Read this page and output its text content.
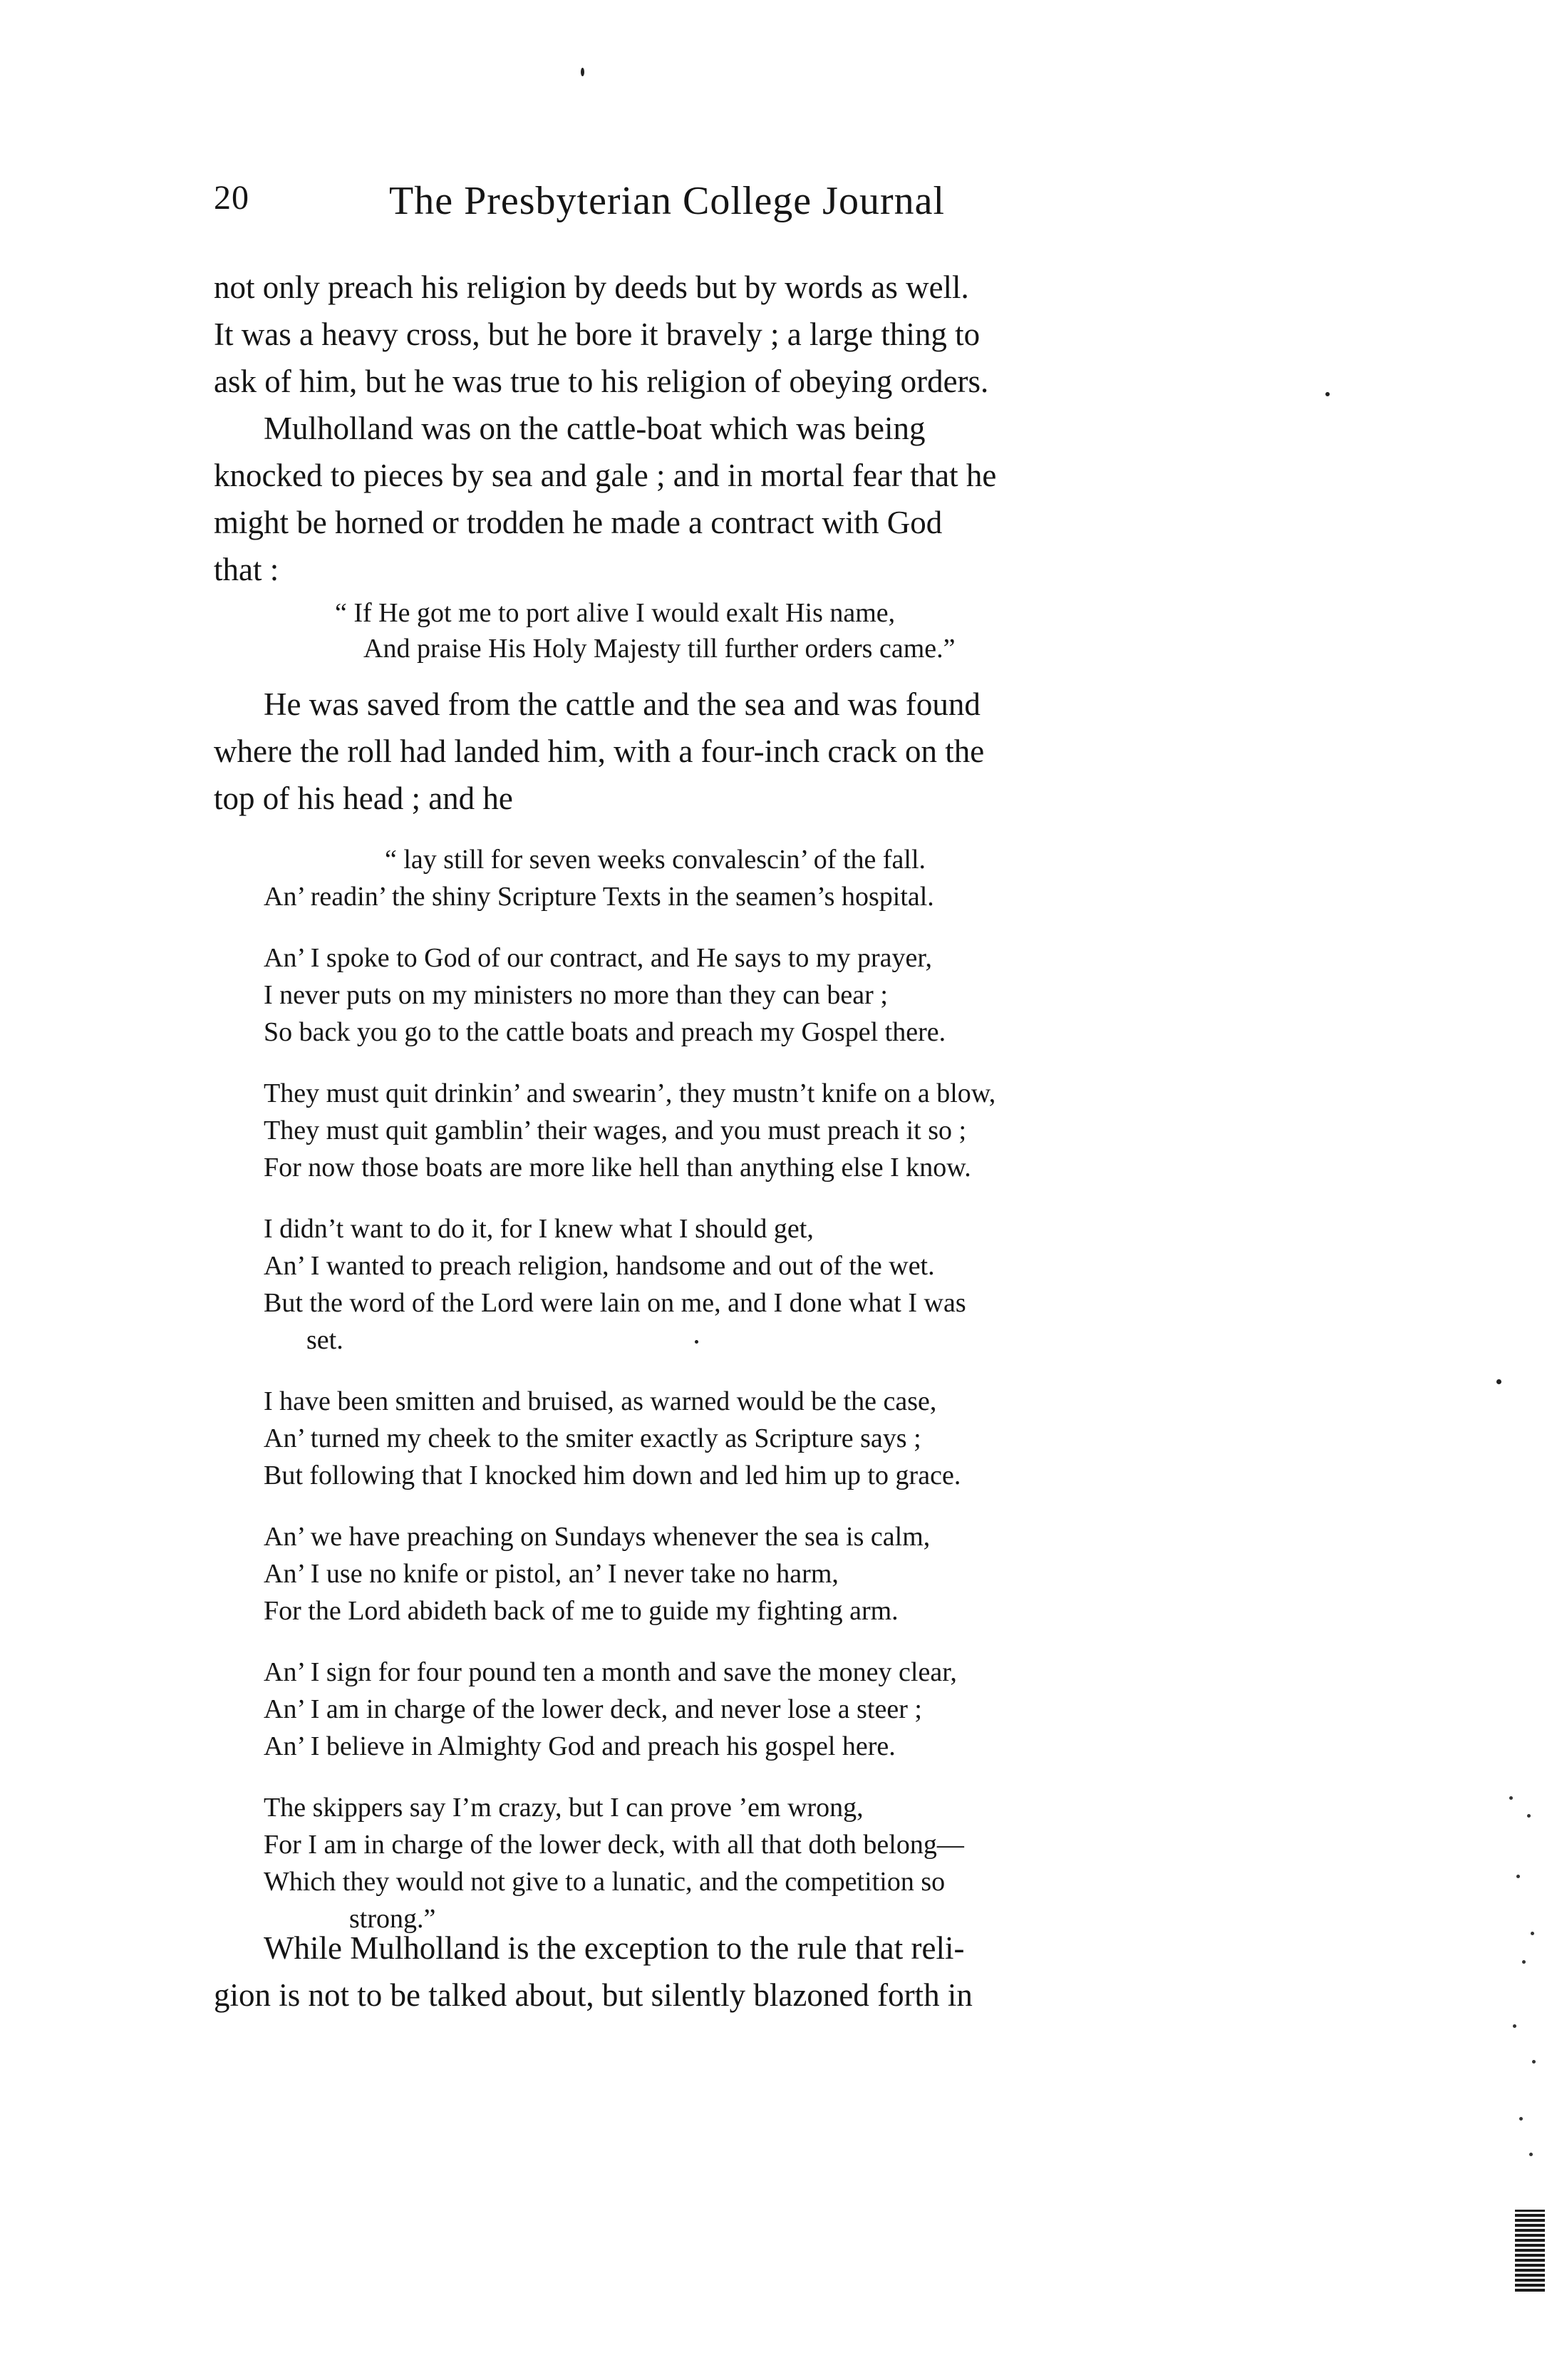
20	The Presbyterian College Journal
not only preach his religion by deeds but by words as well.
It was a heavy cross, but he bore it bravely ; a large thing to
ask of him, but he was true to his religion of obeying orders.
Mulholland was on the cattle-boat which was being
knocked to pieces by sea and gale ; and in mortal fear that he
might be horned or trodden he made a contract with God
that :
“ If He got me to port alive I would exalt His name,
And praise His Holy Majesty till further orders came.”
He was saved from the cattle and the sea and was found
where the roll had landed him, with a four-inch crack on the
top of his head ; and he
“ lay still for seven weeks convalescin’ of the fall.
An’ readin’ the shiny Scripture Texts in the seamen’s hospital.
An’ I spoke to God of our contract, and He says to my prayer,
I never puts on my ministers no more than they can bear ;
So back you go to the cattle boats and preach my Gospel there.
They must quit drinkin’ and swearin’, they mustn’t knife on a blow,
They must quit gamblin’ their wages, and you must preach it so ;
For now those boats are more like hell than anything else I know.
I didn’t want to do it, for I knew what I should get,
An’ I wanted to preach religion, handsome and out of the wet.
But the word of the Lord were lain on me, and I done what I was
set.
I have been smitten and bruised, as warned would be the case,
An’ turned my cheek to the smiter exactly as Scripture says ;
But following that I knocked him down and led him up to grace.
An’ we have preaching on Sundays whenever the sea is calm,
An’ I use no knife or pistol, an’ I never take no harm,
For the Lord abideth back of me to guide my fighting arm.
An’ I sign for four pound ten a month and save the money clear,
An’ I am in charge of the lower deck, and never lose a steer ;
An’ I believe in Almighty God and preach his gospel here.
The skippers say I’m crazy, but I can prove ’em wrong,
For I am in charge of the lower deck, with all that doth belong—
Which they would not give to a lunatic, and the competition so
strong.”
While Mulholland is the exception to the rule that reli-
gion is not to be talked about, but silently blazoned forth in
